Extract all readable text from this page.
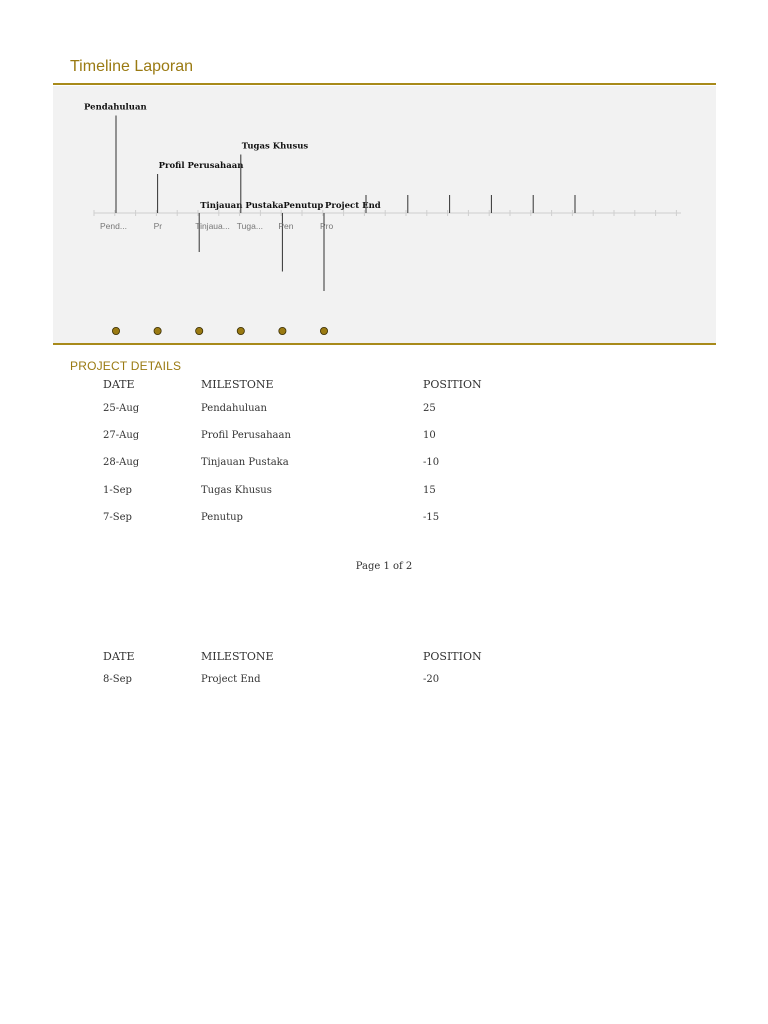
Timeline Laporan
Pendahuluan
Pend...
Profil Perusahaan
Pr
Tinjauan Pustaka
Tinjaua...
Tugas Khusus
Tuga...
Penutup
Pen
Project End
Pro
PROJECT DETAILS
DATE	MILESTONE	POSITION
25-Aug	Pendahuluan	25
27-Aug	Profil Perusahaan	10
28-Aug	Tinjauan Pustaka	-10
1-Sep	Tugas Khusus	15
7-Sep	Penutup	-15
Page 1 of 2
DATE	MILESTONE	POSITION
8-Sep	Project End	-20
